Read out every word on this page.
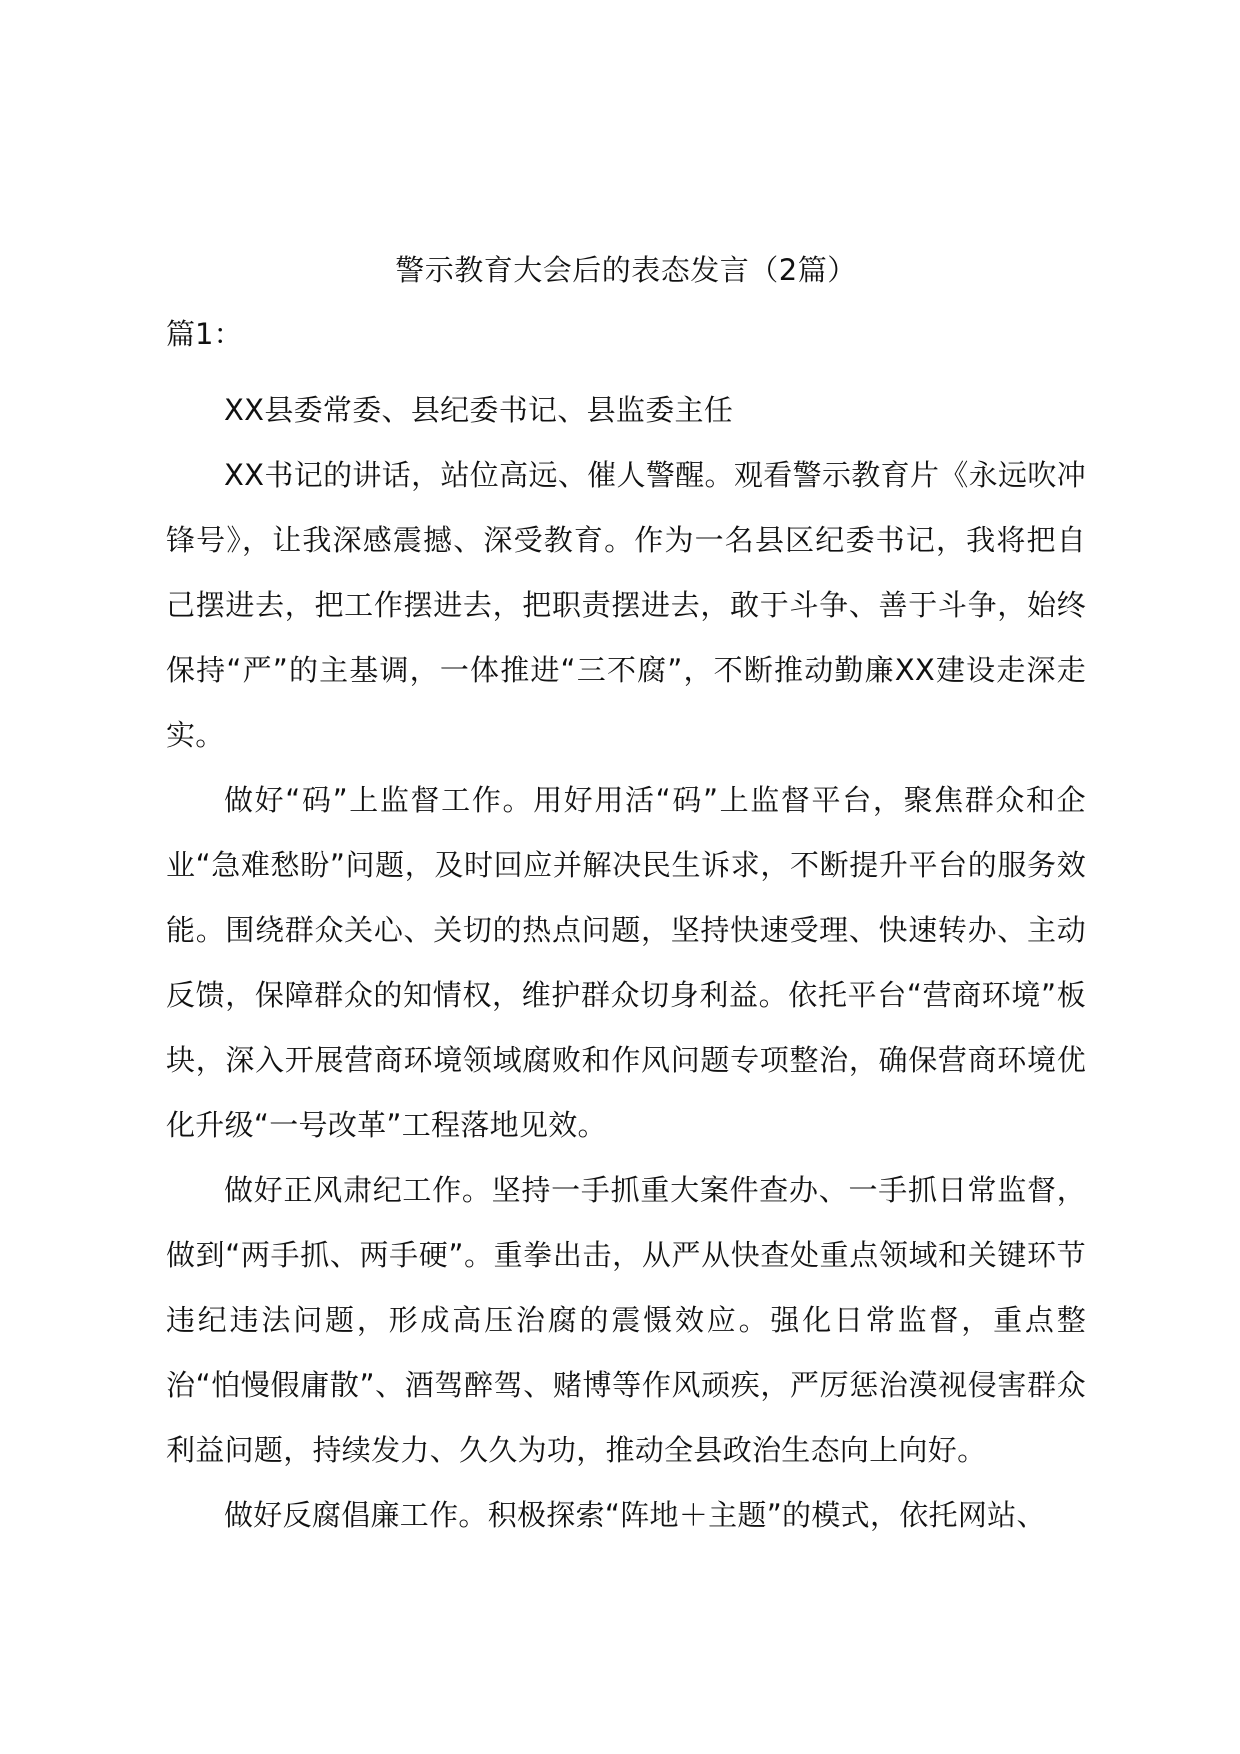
警示教育大会后的表态发言（2篇）
篇1：

XX县委常委、县纪委书记、县监委主任

XX书记的讲话，站位高远、催人警醒。观看警示教育片《永远吹冲锋号》，让我深感震撼、深受教育。作为一名县区纪委书记，我将把自己摆进去，把工作摆进去，把职责摆进去，敢于斗争、善于斗争，始终保持“严”的主基调，一体推进“三不腐”，不断推动勤廉XX建设走深走实。

做好“码”上监督工作。用好用活“码”上监督平台，聚焦群众和企业“急难愁盼”问题，及时回应并解决民生诉求，不断提升平台的服务效能。围绕群众关心、关切的热点问题，坚持快速受理、快速转办、主动反馈，保障群众的知情权，维护群众切身利益。依托平台“营商环境”板块，深入开展营商环境领域腐败和作风问题专项整治，确保营商环境优化升级“一号改革”工程落地见效。

做好正风肃纪工作。坚持一手抓重大案件查办、一手抓日常监督，做到“两手抓、两手硬”。重拳出击，从严从快查处重点领域和关键环节违纪违法问题，形成高压治腐的震慑效应。强化日常监督，重点整治“怕慢假庸散”、酒驾醉驾、赌博等作风顽疾，严厉惩治漠视侵害群众利益问题，持续发力、久久为功，推动全县政治生态向上向好。

做好反腐倡廉工作。积极探索“阵地＋主题”的模式，依托网站、
